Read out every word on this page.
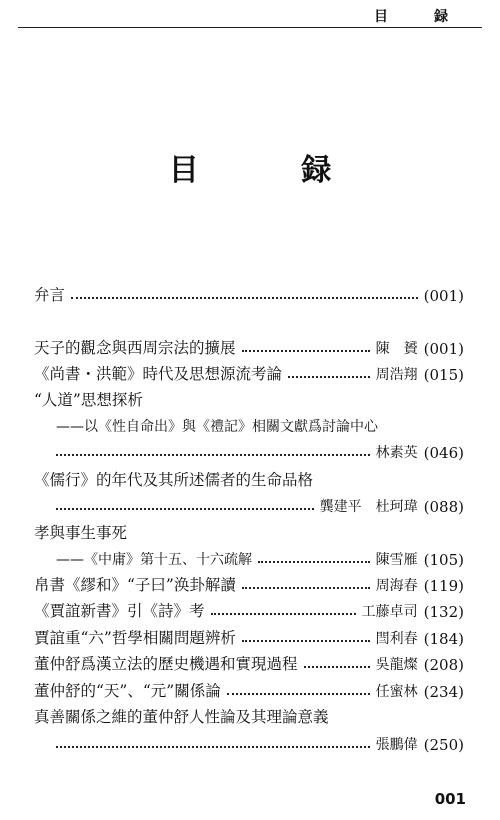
目　録
目 録
弁言	(001)
天子的觀念與西周宗法的擴展	陳　贇 (001)
《尚書・洪範》時代及思想源流考論	周浩翔 (015)
“人道”思想探析
——以《性自命出》與《禮記》相關文獻爲討論中心
林素英 (046)
《儒行》的年代及其所述儒者的生命品格
龔建平　杜珂瑋 (088)
孝與事生事死
——《中庸》第十五、十六疏解	陳雪雁 (105)
帛書《繆和》“子曰”涣卦解讀	周海春 (119)
《賈誼新書》引《詩》考	工藤卓司 (132)
賈誼重“六”哲學相關問題辨析	閆利春 (184)
董仲舒爲漢立法的歷史機遇和實現過程	吳龍燦 (208)
董仲舒的“天”、“元”關係論	任蜜林 (234)
真善關係之維的董仲舒人性論及其理論意義
張鵬偉 (250)
001
